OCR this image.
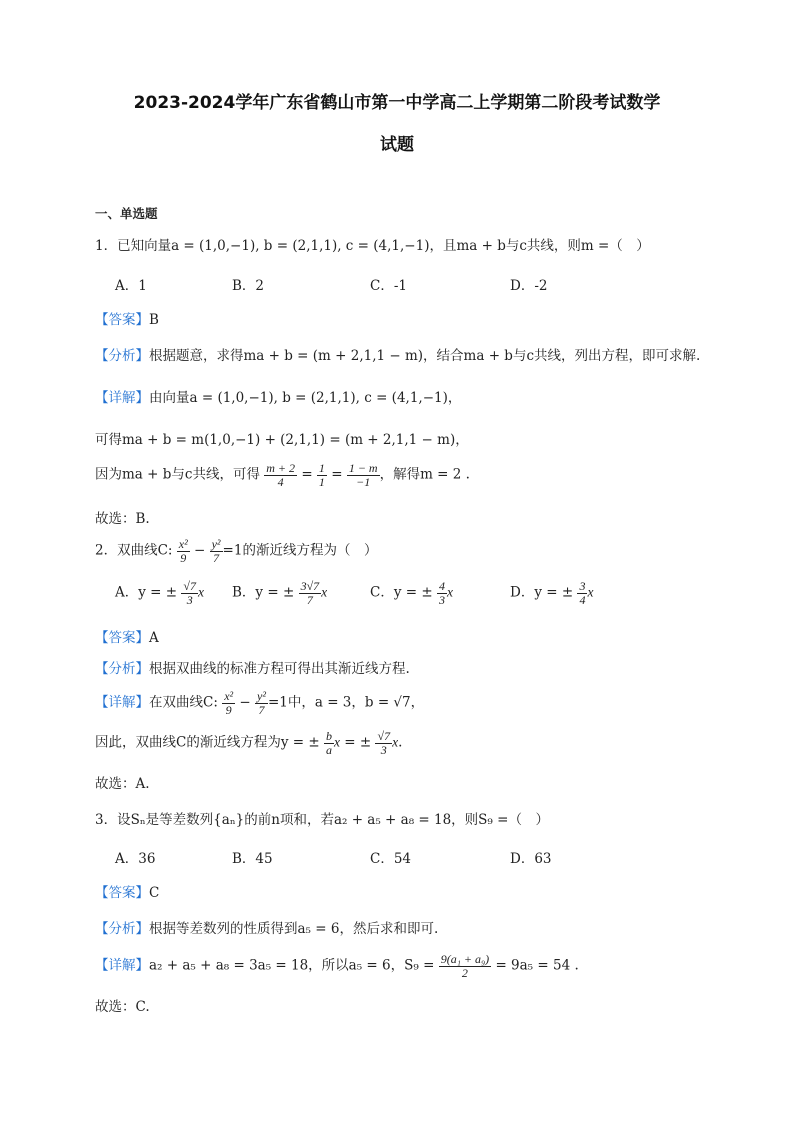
2023-2024学年广东省鹤山市第一中学高二上学期第二阶段考试数学
试题
一、单选题
1．已知向量a = (1,0,−1), b = (2,1,1), c = (4,1,−1)，且ma + b与c共线，则m =（　）
A．1	B．2	C．-1	D．-2
【答案】B
【分析】根据题意，求得ma + b = (m + 2,1,1 − m)，结合ma + b与c共线，列出方程，即可求解.
【详解】由向量a = (1,0,−1), b = (2,1,1), c = (4,1,−1)，
可得ma + b = m(1,0,−1) + (2,1,1) = (m + 2,1,1 − m)，
因为ma + b与c共线，可得 $\frac{m + 2}{4} = \frac{1}{1} = \frac{1 - m}{-1}$ ，解得m = 2 .
故选：B.
2．双曲线C: $\frac{\text{x²}}{9} - \frac{\text{y²}}{7} =1$的渐近线方程为（　）
A．y = ± $\frac{√7}{3}$ x B．y = ± $\frac{3√7}{7}$ x	C．y = ± $\frac{4}{3}$ x	D．y = ± $\frac{3}{4}$ x
【答案】A
【分析】根据双曲线的标准方程可得出其渐近线方程.
【详解】在双曲线C: $\frac{\text{x²}}{9} - \frac{\text{y²}}{7} =1$中，a = 3，b = √7，
因此，双曲线C的渐近线方程为y = ± $\frac{b}{a}$ x = ± $\frac{√7}{3} x$.
故选：A.
3．设Sₙ是等差数列{aₙ}的前n项和，若a₂ + a₅ + a₈ = 18，则S₉ =（　）
A．36	B．45	C．54	D．63
【答案】C
【分析】根据等差数列的性质得到a₅ = 6，然后求和即可.
【详解】a₂ + a₅ + a₈ = 3a₅ = 18，所以a₅ = 6，$S_9 = \frac{\text{9(a₁ + a₉)}}{2} = 9a_5 = 54$ .
故选：C.
